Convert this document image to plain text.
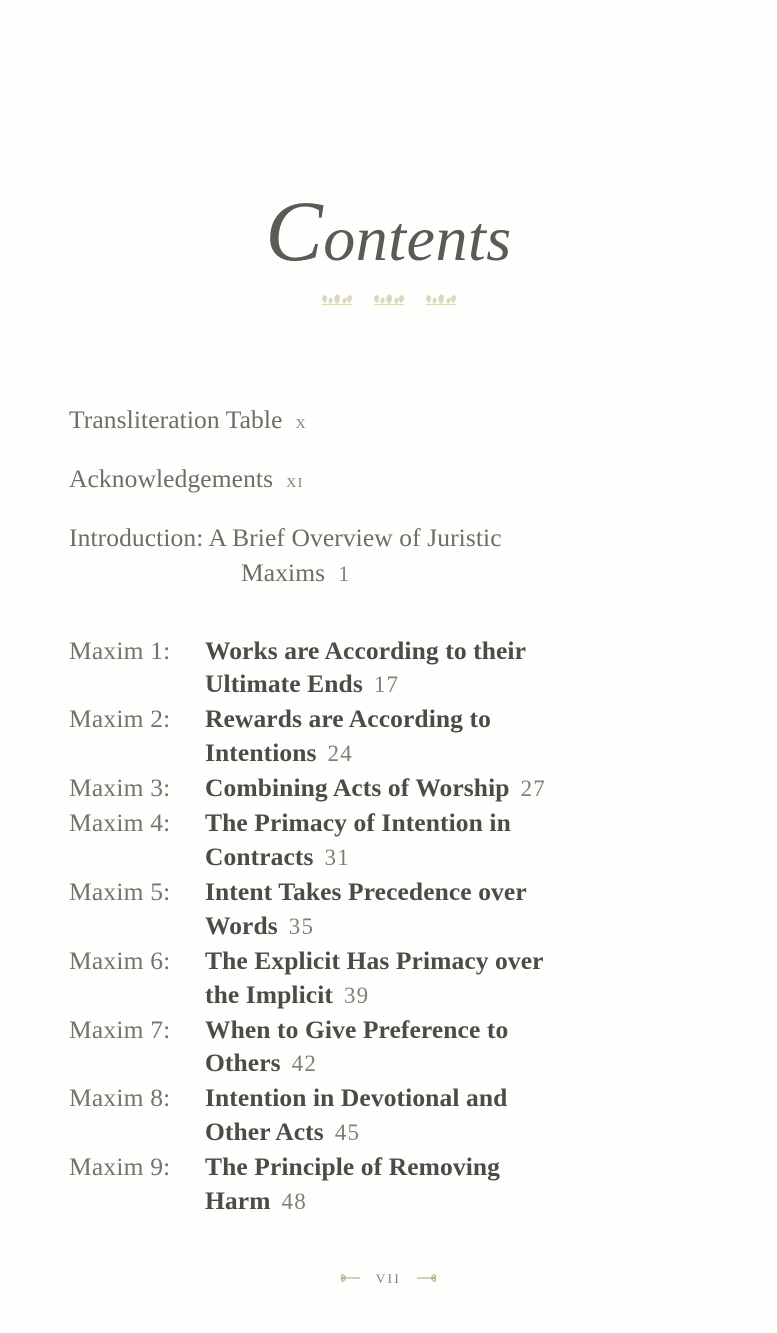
Contents
Transliteration Table x
Acknowledgements xi
Introduction: A Brief Overview of Juristic
Maxims 1
Maxim 1:	Works are According to their
Ultimate Ends 17
Maxim 2:	Rewards are According to
Intentions 24
Maxim 3:	Combining Acts of Worship 27
Maxim 4:	The Primacy of Intention in
Contracts 31
Maxim 5:	Intent Takes Precedence over
Words 35
Maxim 6:	The Explicit Has Primacy over
the Implicit 39
Maxim 7:	When to Give Preference to
Others 42
Maxim 8:	Intention in Devotional and
Other Acts 45
Maxim 9:	The Principle of Removing
Harm 48
vii
